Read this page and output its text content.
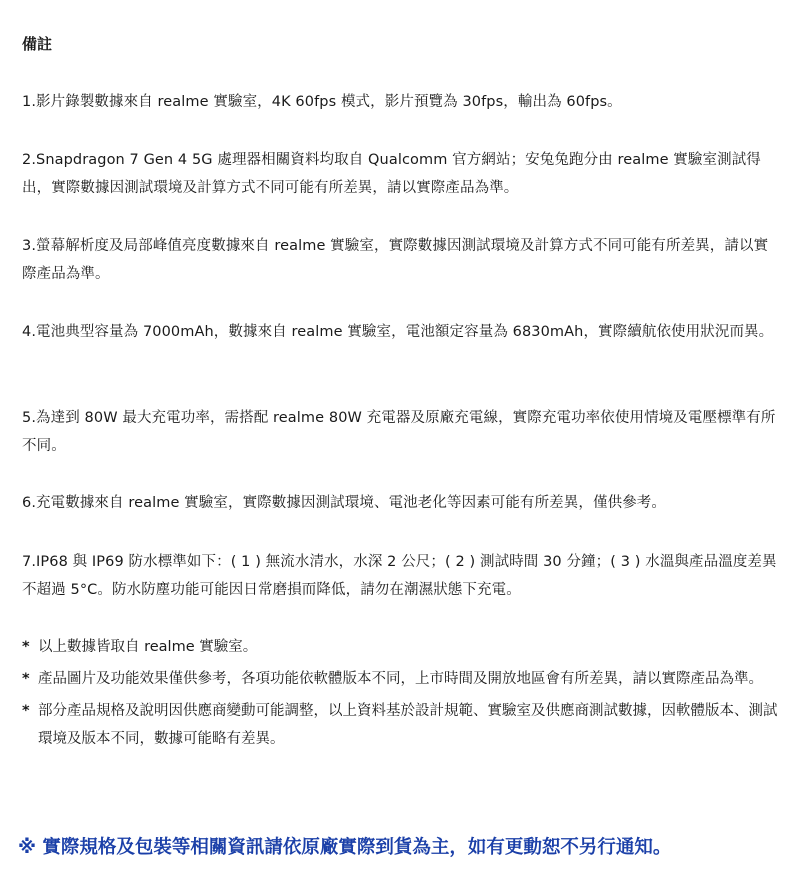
備註

1.影片錄製數據來自 realme 實驗室，4K 60fps 模式，影片預覽為 30fps，輸出為 60fps。

2.Snapdragon 7 Gen 4 5G 處理器相關資料均取自 Qualcomm 官方網站；安兔兔跑分由 realme 實驗室測試得出，實際數據因測試環境及計算方式不同可能有所差異，請以實際產品為準。

3.螢幕解析度及局部峰值亮度數據來自 realme 實驗室，實際數據因測試環境及計算方式不同可能有所差異，請以實際產品為準。

4.電池典型容量為 7000mAh，數據來自 realme 實驗室，電池額定容量為 6830mAh，實際續航依使用狀況而異。

5.為達到 80W 最大充電功率，需搭配 realme 80W 充電器及原廠充電線，實際充電功率依使用情境及電壓標準有所不同。

6.充電數據來自 realme 實驗室，實際數據因測試環境、電池老化等因素可能有所差異，僅供參考。

7.IP68 與 IP69 防水標準如下：( 1 ) 無流水清水，水深 2 公尺；( 2 ) 測試時間 30 分鐘；( 3 ) 水溫與產品溫度差異不超過 5°C。防水防塵功能可能因日常磨損而降低，請勿在潮濕狀態下充電。

* 以上數據皆取自 realme 實驗室。
* 產品圖片及功能效果僅供參考，各項功能依軟體版本不同，上市時間及開放地區會有所差異，請以實際產品為準。
* 部分產品規格及說明因供應商變動可能調整，以上資料基於設計規範、實驗室及供應商測試數據，因軟體版本、測試環境及版本不同，數據可能略有差異。

※ 實際規格及包裝等相關資訊請依原廠實際到貨為主，如有更動恕不另行通知。
